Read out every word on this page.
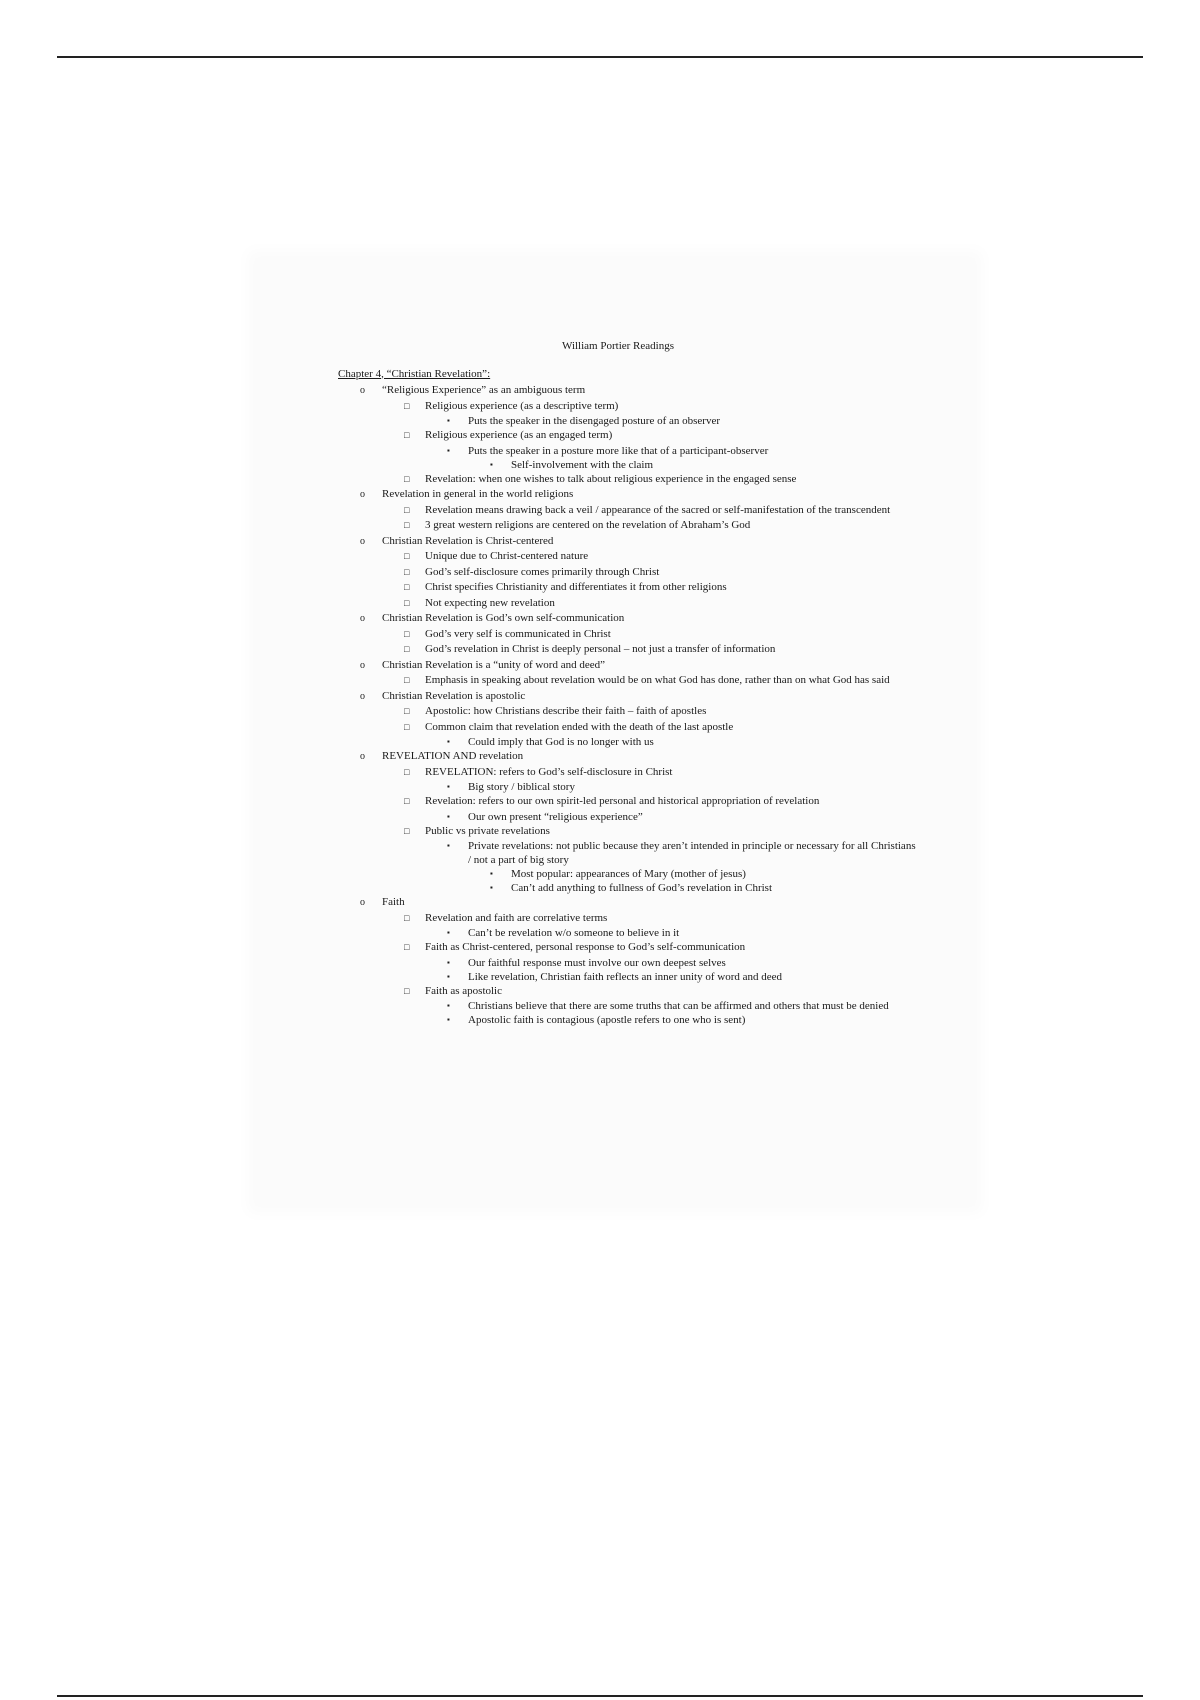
William Portier Readings
Chapter 4, “Christian Revelation”:
o “Religious Experience” as an ambiguous term
□ Religious experience (as a descriptive term)
▪ Puts the speaker in the disengaged posture of an observer
□ Religious experience (as an engaged term)
▪ Puts the speaker in a posture more like that of a participant-observer
▪ Self-involvement with the claim
□ Revelation: when one wishes to talk about religious experience in the engaged sense
o Revelation in general in the world religions
□ Revelation means drawing back a veil / appearance of the sacred or self-manifestation of the transcendent
□ 3 great western religions are centered on the revelation of Abraham’s God
o Christian Revelation is Christ-centered
□ Unique due to Christ-centered nature
□ God’s self-disclosure comes primarily through Christ
□ Christ specifies Christianity and differentiates it from other religions
□ Not expecting new revelation
o Christian Revelation is God’s own self-communication
□ God’s very self is communicated in Christ
□ God’s revelation in Christ is deeply personal – not just a transfer of information
o Christian Revelation is a “unity of word and deed”
□ Emphasis in speaking about revelation would be on what God has done, rather than on what God has said
o Christian Revelation is apostolic
□ Apostolic: how Christians describe their faith – faith of apostles
□ Common claim that revelation ended with the death of the last apostle
▪ Could imply that God is no longer with us
o REVELATION AND revelation
□ REVELATION: refers to God’s self-disclosure in Christ
▪ Big story / biblical story
□ Revelation: refers to our own spirit-led personal and historical appropriation of revelation
▪ Our own present “religious experience”
□ Public vs private revelations
▪ Private revelations: not public because they aren’t intended in principle or necessary for all Christians / not a part of big story
▪ Most popular: appearances of Mary (mother of jesus)
▪ Can’t add anything to fullness of God’s revelation in Christ
o Faith
□ Revelation and faith are correlative terms
▪ Can’t be revelation w/o someone to believe in it
□ Faith as Christ-centered, personal response to God’s self-communication
▪ Our faithful response must involve our own deepest selves
▪ Like revelation, Christian faith reflects an inner unity of word and deed
□ Faith as apostolic
▪ Christians believe that there are some truths that can be affirmed and others that must be denied
▪ Apostolic faith is contagious (apostle refers to one who is sent)
